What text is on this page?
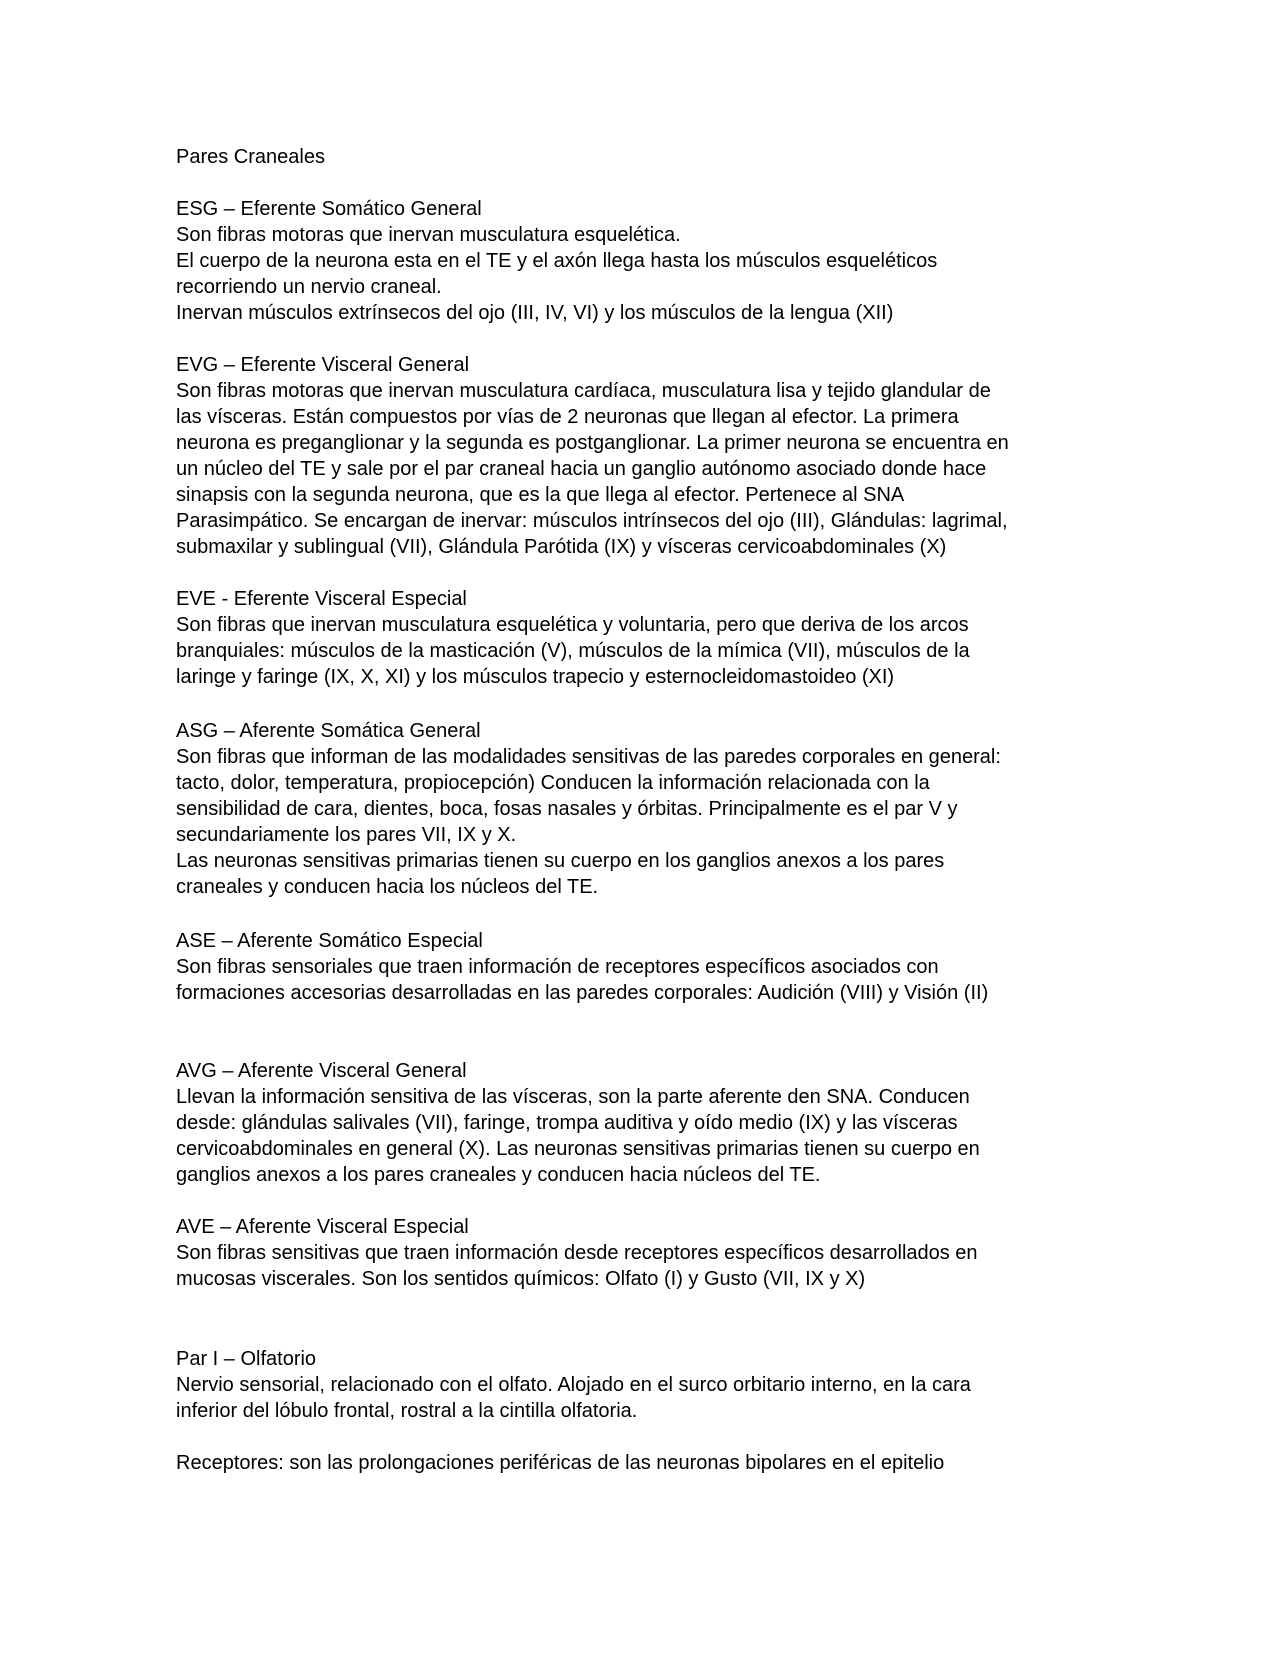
Pares Craneales
ESG – Eferente Somático General
Son fibras motoras que inervan musculatura esquelética.
El cuerpo de la neurona esta en el TE y el axón llega hasta los músculos esqueléticos
recorriendo un nervio craneal.
Inervan músculos extrínsecos del ojo (III, IV, VI) y los músculos de la lengua (XII)
EVG – Eferente Visceral General
Son fibras motoras que inervan musculatura cardíaca, musculatura lisa y tejido glandular de
las vísceras. Están compuestos por vías de 2 neuronas que llegan al efector. La primera
neurona es preganglionar y la segunda es postganglionar. La primer neurona se encuentra en
un núcleo del TE y sale por el par craneal hacia un ganglio autónomo asociado donde hace
sinapsis con la segunda neurona, que es la que llega al efector. Pertenece al SNA
Parasimpático. Se encargan de inervar: músculos intrínsecos del ojo (III), Glándulas: lagrimal,
submaxilar y sublingual (VII), Glándula Parótida (IX) y vísceras cervicoabdominales (X)
EVE - Eferente Visceral Especial
Son fibras que inervan musculatura esquelética y voluntaria, pero que deriva de los arcos
branquiales: músculos de la masticación (V), músculos de la mímica (VII), músculos de la
laringe y faringe (IX, X, XI) y los músculos trapecio y esternocleidomastoideo (XI)
ASG – Aferente Somática General
Son fibras que informan de las modalidades sensitivas de las paredes corporales en general:
tacto, dolor, temperatura, propiocepción) Conducen la información relacionada con la
sensibilidad de cara, dientes, boca, fosas nasales y órbitas. Principalmente es el par V y
secundariamente los pares VII, IX y X.
Las neuronas sensitivas primarias tienen su cuerpo en los ganglios anexos a los pares
craneales y conducen hacia los núcleos del TE.
ASE – Aferente Somático Especial
Son fibras sensoriales que traen información de receptores específicos asociados con
formaciones accesorias desarrolladas en las paredes corporales: Audición (VIII) y Visión (II)
AVG – Aferente Visceral General
Llevan la información sensitiva de las vísceras, son la parte aferente den SNA. Conducen
desde: glándulas salivales (VII), faringe, trompa auditiva y oído medio (IX) y las vísceras
cervicoabdominales en general (X). Las neuronas sensitivas primarias tienen su cuerpo en
ganglios anexos a los pares craneales y conducen hacia núcleos del TE.
AVE – Aferente Visceral Especial
Son fibras sensitivas que traen información desde receptores específicos desarrollados en
mucosas viscerales. Son los sentidos químicos: Olfato (I) y Gusto (VII, IX y X)
Par I – Olfatorio
Nervio sensorial, relacionado con el olfato. Alojado en el surco orbitario interno, en la cara
inferior del lóbulo frontal, rostral a la cintilla olfatoria.
Receptores: son las prolongaciones periféricas de las neuronas bipolares en el epitelio
